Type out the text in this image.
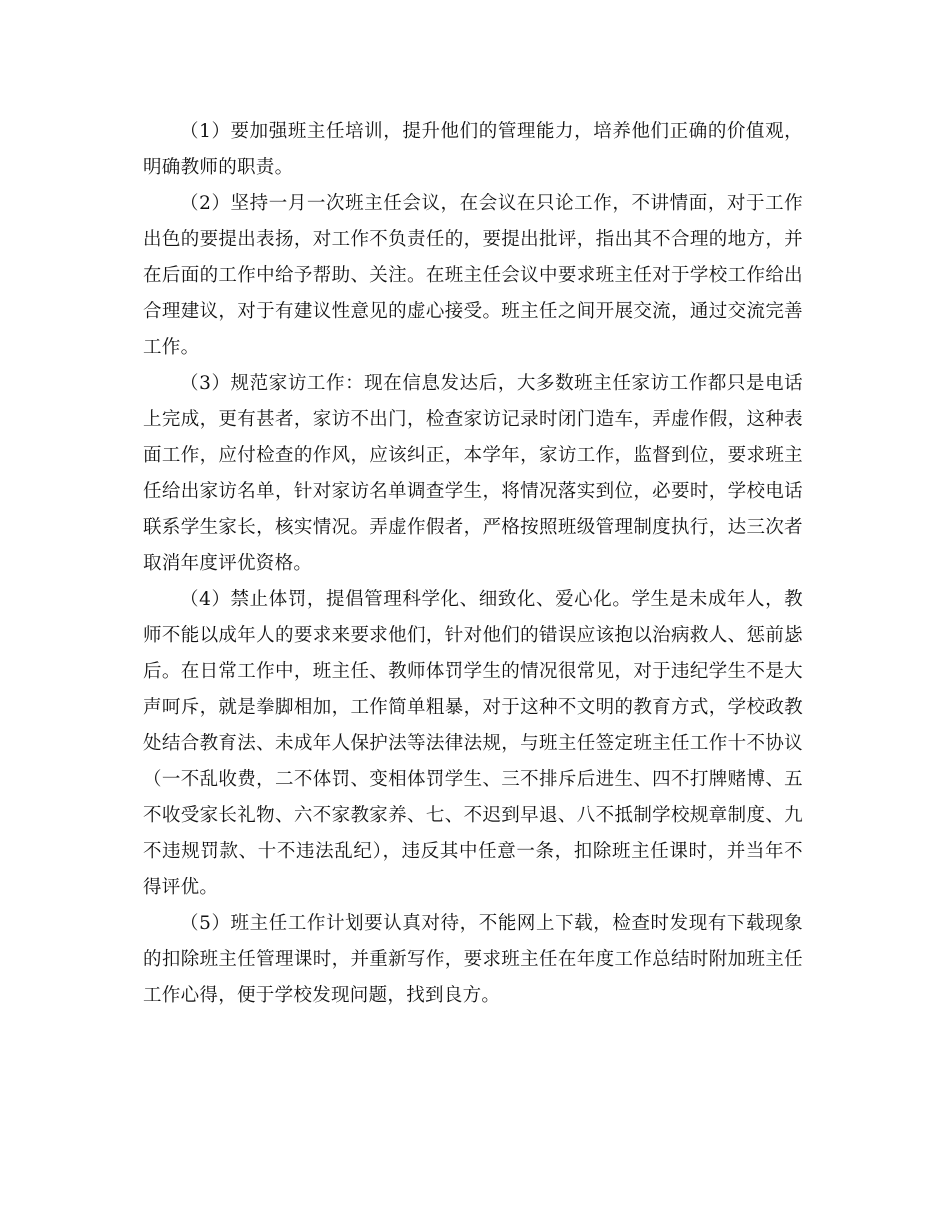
（1）要加强班主任培训，提升他们的管理能力，培养他们正确的价值观，明确教师的职责。

（2）坚持一月一次班主任会议，在会议在只论工作，不讲情面，对于工作出色的要提出表扬，对工作不负责任的，要提出批评，指出其不合理的地方，并在后面的工作中给予帮助、关注。在班主任会议中要求班主任对于学校工作给出合理建议，对于有建议性意见的虚心接受。班主任之间开展交流，通过交流完善工作。

（3）规范家访工作：现在信息发达后，大多数班主任家访工作都只是电话上完成，更有甚者，家访不出门，检查家访记录时闭门造车，弄虚作假，这种表面工作，应付检查的作风，应该纠正，本学年，家访工作，监督到位，要求班主任给出家访名单，针对家访名单调查学生，将情况落实到位，必要时，学校电话联系学生家长，核实情况。弄虚作假者，严格按照班级管理制度执行，达三次者取消年度评优资格。

（4）禁止体罚，提倡管理科学化、细致化、爱心化。学生是未成年人，教师不能以成年人的要求来要求他们，针对他们的错误应该抱以治病救人、惩前毖后。在日常工作中，班主任、教师体罚学生的情况很常见，对于违纪学生不是大声呵斥，就是拳脚相加，工作简单粗暴，对于这种不文明的教育方式，学校政教处结合教育法、未成年人保护法等法律法规，与班主任签定班主任工作十不协议（一不乱收费，二不体罚、变相体罚学生、三不排斥后进生、四不打牌赌博、五不收受家长礼物、六不家教家养、七、不迟到早退、八不抵制学校规章制度、九不违规罚款、十不违法乱纪），违反其中任意一条，扣除班主任课时，并当年不得评优。

（5）班主任工作计划要认真对待，不能网上下载，检查时发现有下载现象的扣除班主任管理课时，并重新写作，要求班主任在年度工作总结时附加班主任工作心得，便于学校发现问题，找到良方。
